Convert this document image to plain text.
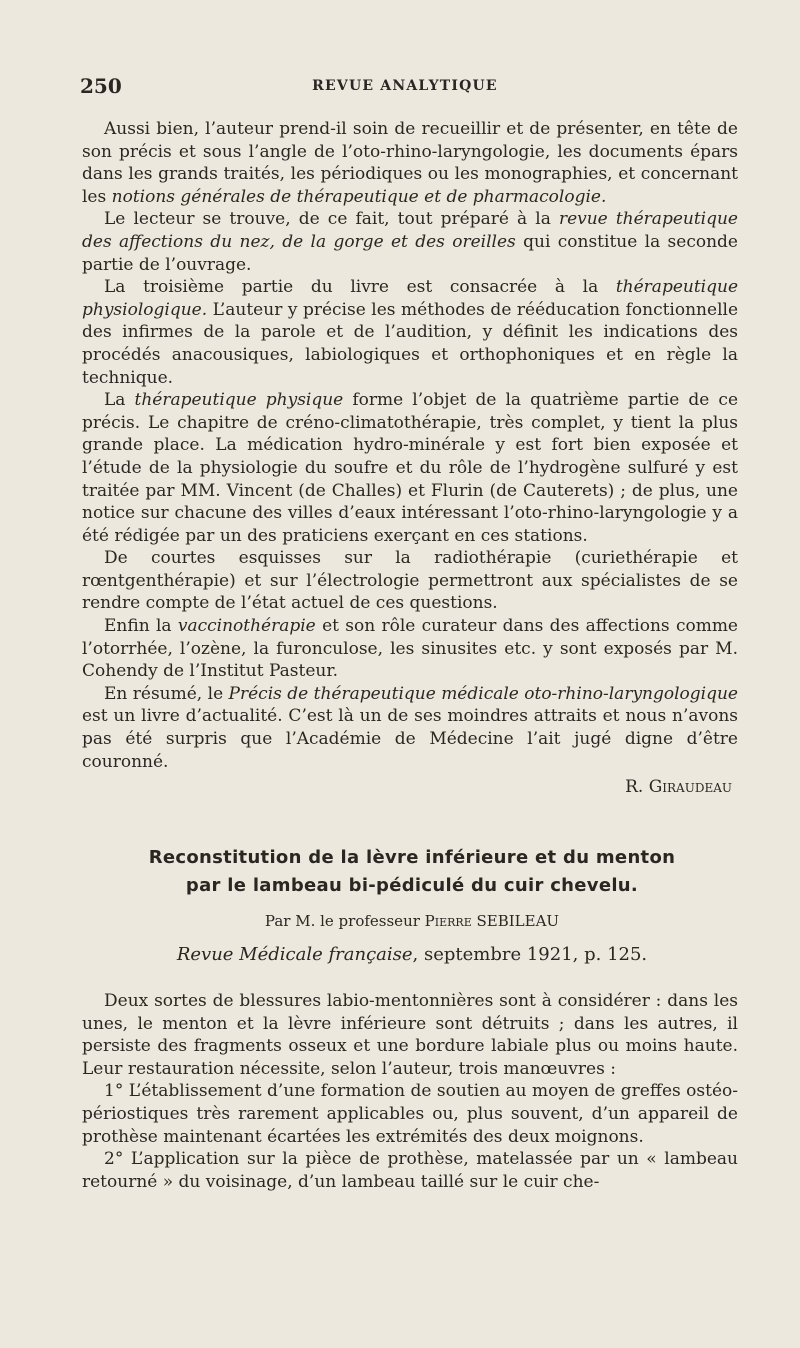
250	REVUE ANALYTIQUE

Aussi bien, l’auteur prend-il soin de recueillir et de présenter, en tête de son précis et sous l’angle de l’oto-rhino-laryngologie, les documents épars dans les grands traités, les périodiques ou les monographies, et concernant les notions générales de thérapeutique et de pharmacologie.

Le lecteur se trouve, de ce fait, tout préparé à la revue thérapeutique des affections du nez, de la gorge et des oreilles qui constitue la seconde partie de l’ouvrage.

La troisième partie du livre est consacrée à la thérapeutique physiologique. L’auteur y précise les méthodes de rééducation fonctionnelle des infirmes de la parole et de l’audition, y définit les indications des procédés anacousiques, labiologiques et orthophoniques et en règle la technique.

La thérapeutique physique forme l’objet de la quatrième partie de ce précis. Le chapitre de créno-climatothérapie, très complet, y tient la plus grande place. La médication hydro-minérale y est fort bien exposée et l’étude de la physiologie du soufre et du rôle de l’hydrogène sulfuré y est traitée par MM. Vincent (de Challes) et Flurin (de Cauterets) ; de plus, une notice sur chacune des villes d’eaux intéressant l’oto-rhino-laryngologie y a été rédigée par un des praticiens exerçant en ces stations.

De courtes esquisses sur la radiothérapie (curiethérapie et rœntgenthérapie) et sur l’électrologie permettront aux spécialistes de se rendre compte de l’état actuel de ces questions.

Enfin la vaccinothérapie et son rôle curateur dans des affections comme l’otorrhée, l’ozène, la furonculose, les sinusites etc. y sont exposés par M. Cohendy de l’Institut Pasteur.

En résumé, le Précis de thérapeutique médicale oto-rhino-laryngologique est un livre d’actualité. C’est là un de ses moindres attraits et nous n’avons pas été surpris que l’Académie de Médecine l’ait jugé digne d’être couronné.

R. Giraudeau
Reconstitution de la lèvre inférieure et du menton
par le lambeau bi-pédiculé du cuir chevelu.
Par M. le professeur Pierre SEBILEAU
Revue Médicale française, septembre 1921, p. 125.

Deux sortes de blessures labio-mentonnières sont à considérer : dans les unes, le menton et la lèvre inférieure sont détruits ; dans les autres, il persiste des fragments osseux et une bordure labiale plus ou moins haute. Leur restauration nécessite, selon l’auteur, trois manœuvres :

1° L’établissement d’une formation de soutien au moyen de greffes ostéo-périostiques très rarement applicables ou, plus souvent, d’un appareil de prothèse maintenant écartées les extrémités des deux moignons.

2° L’application sur la pièce de prothèse, matelassée par un « lambeau retourné » du voisinage, d’un lambeau taillé sur le cuir che-
